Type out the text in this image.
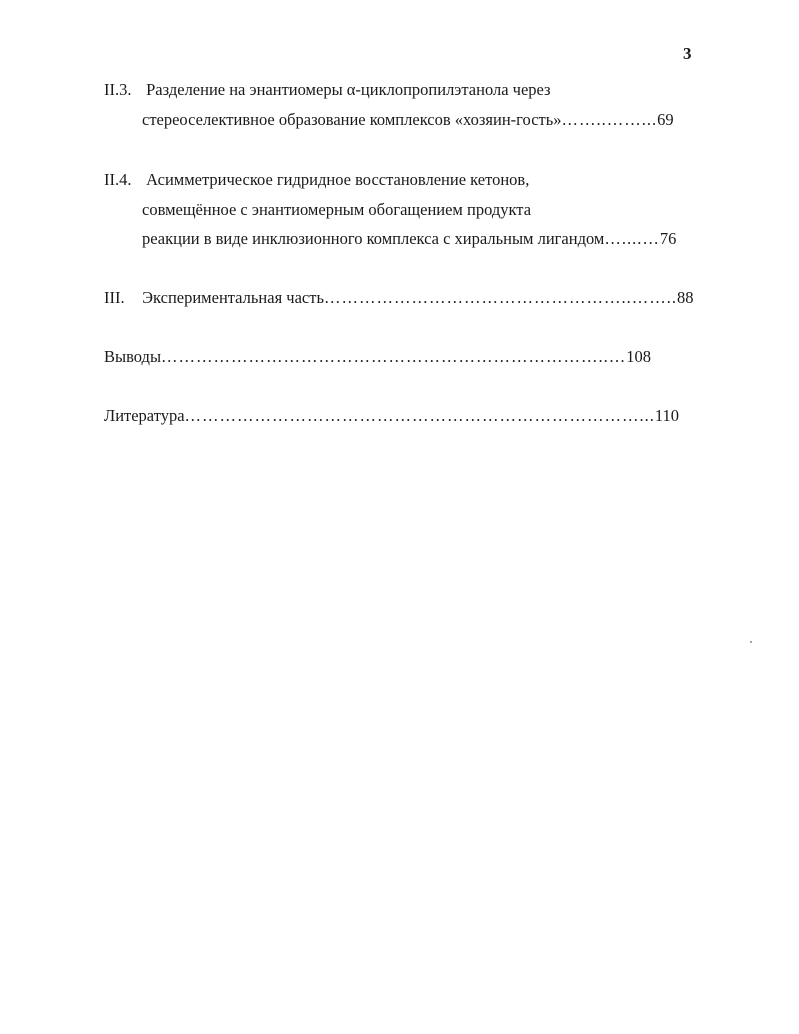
3
II.3. Разделение на энантиомеры α-циклопропилэтанола через
стереоселективное образование комплексов «хозяин-гость»……..……...69
II.4. Асимметрическое гидридное восстановление кетонов,
совмещённое с энантиомерным обогащением продукта
реакции в виде инклюзионного комплекса с хиральным лигандом…....…76
III. Экспериментальная часть……………………………………………..……..88
Выводы…………………………………………………………………..…108
Литература……………………………………………………………………...110
